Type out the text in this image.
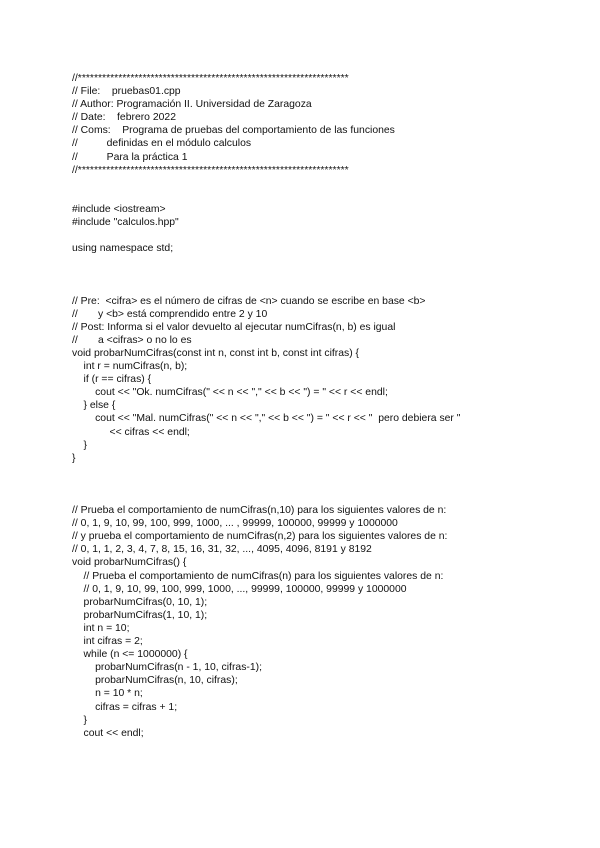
//*******************************************************************
// File:    pruebas01.cpp
// Author: Programación II. Universidad de Zaragoza
// Date:    febrero 2022
// Coms:    Programa de pruebas del comportamiento de las funciones
//          definidas en el módulo calculos
//          Para la práctica 1
//*******************************************************************
#include <iostream>
#include "calculos.hpp"
using namespace std;
// Pre:  <cifra> es el número de cifras de <n> cuando se escribe en base <b>
//       y <b> está comprendido entre 2 y 10
// Post: Informa si el valor devuelto al ejecutar numCifras(n, b) es igual
//       a <cifras> o no lo es
void probarNumCifras(const int n, const int b, const int cifras) {
int r = numCifras(n, b);
if (r == cifras) {
cout << "Ok. numCifras(" << n << "," << b << ") = " << r << endl;
} else {
cout << "Mal. numCifras(" << n << "," << b << ") = " << r << "  pero debiera ser "
<< cifras << endl;
}
}
// Prueba el comportamiento de numCifras(n,10) para los siguientes valores de n:
// 0, 1, 9, 10, 99, 100, 999, 1000, ... , 99999, 100000, 99999 y 1000000
// y prueba el comportamiento de numCifras(n,2) para los siguientes valores de n:
// 0, 1, 1, 2, 3, 4, 7, 8, 15, 16, 31, 32, ..., 4095, 4096, 8191 y 8192
void probarNumCifras() {
// Prueba el comportamiento de numCifras(n) para los siguientes valores de n:
// 0, 1, 9, 10, 99, 100, 999, 1000, ..., 99999, 100000, 99999 y 1000000
probarNumCifras(0, 10, 1);
probarNumCifras(1, 10, 1);
int n = 10;
int cifras = 2;
while (n <= 1000000) {
probarNumCifras(n - 1, 10, cifras-1);
probarNumCifras(n, 10, cifras);
n = 10 * n;
cifras = cifras + 1;
}
cout << endl;
